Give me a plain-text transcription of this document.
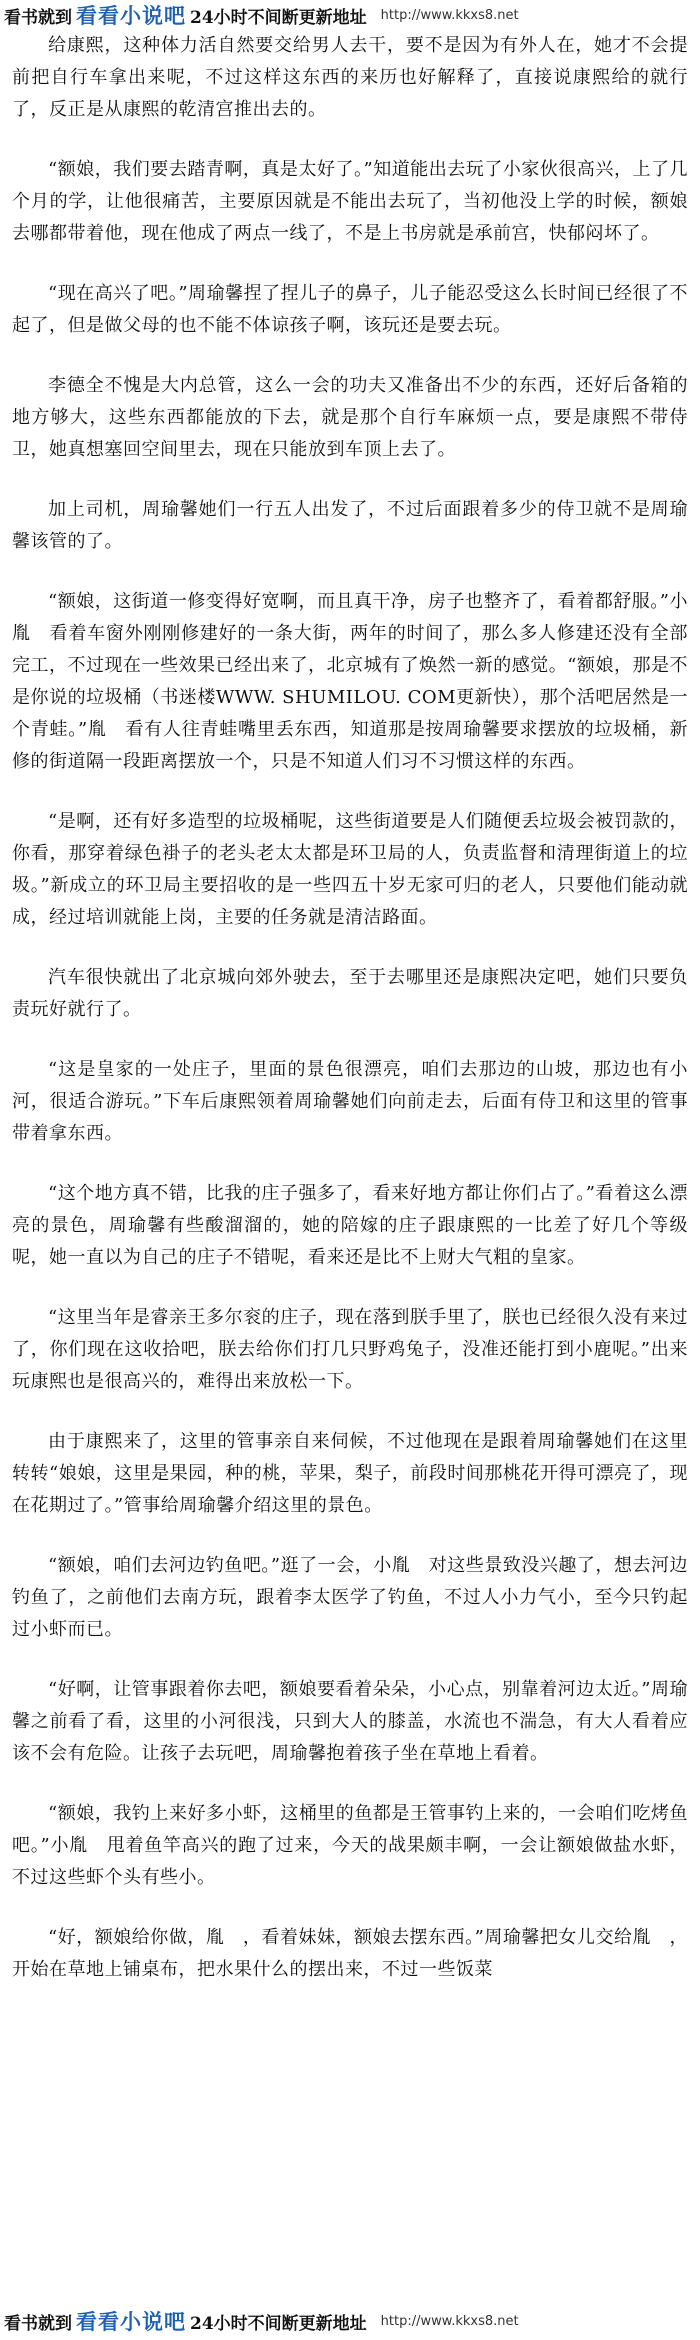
看书就到 看看小说吧 24小时不间断更新地址 http://www.kkxs8.net

给康熙，这种体力活自然要交给男人去干，要不是因为有外人在，她才不会提前把自行车拿出来呢，不过这样这东西的来历也好解释了，直接说康熙给的就行了，反正是从康熙的乾清宫推出去的。

“额娘，我们要去踏青啊，真是太好了。”知道能出去玩了小家伙很高兴，上了几个月的学，让他很痛苦，主要原因就是不能出去玩了，当初他没上学的时候，额娘去哪都带着他，现在他成了两点一线了，不是上书房就是承前宫，快郁闷坏了。

“现在高兴了吧。”周瑜馨捏了捏儿子的鼻子，儿子能忍受这么长时间已经很了不起了，但是做父母的也不能不体谅孩子啊，该玩还是要去玩。

李德全不愧是大内总管，这么一会的功夫又准备出不少的东西，还好后备箱的地方够大，这些东西都能放的下去，就是那个自行车麻烦一点，要是康熙不带侍卫，她真想塞回空间里去，现在只能放到车顶上去了。

加上司机，周瑜馨她们一行五人出发了，不过后面跟着多少的侍卫就不是周瑜馨该管的了。

“额娘，这街道一修变得好宽啊，而且真干净，房子也整齐了，看着都舒服。”小胤　看着车窗外刚刚修建好的一条大街，两年的时间了，那么多人修建还没有全部完工，不过现在一些效果已经出来了，北京城有了焕然一新的感觉。“额娘，那是不是你说的垃圾桶（书迷楼WWW. SHUMILOU. COM更新快），那个活吧居然是一个青蛙。”胤　看有人往青蛙嘴里丢东西，知道那是按周瑜馨要求摆放的垃圾桶，新修的街道隔一段距离摆放一个，只是不知道人们习不习惯这样的东西。

“是啊，还有好多造型的垃圾桶呢，这些街道要是人们随便丢垃圾会被罚款的，你看，那穿着绿色褂子的老头老太太都是环卫局的人，负责监督和清理街道上的垃圾。”新成立的环卫局主要招收的是一些四五十岁无家可归的老人，只要他们能动就成，经过培训就能上岗，主要的任务就是清洁路面。

汽车很快就出了北京城向郊外驶去，至于去哪里还是康熙决定吧，她们只要负责玩好就行了。

“这是皇家的一处庄子，里面的景色很漂亮，咱们去那边的山坡，那边也有小河，很适合游玩。”下车后康熙领着周瑜馨她们向前走去，后面有侍卫和这里的管事带着拿东西。

“这个地方真不错，比我的庄子强多了，看来好地方都让你们占了。”看着这么漂亮的景色，周瑜馨有些酸溜溜的，她的陪嫁的庄子跟康熙的一比差了好几个等级呢，她一直以为自己的庄子不错呢，看来还是比不上财大气粗的皇家。

“这里当年是睿亲王多尔衮的庄子，现在落到朕手里了，朕也已经很久没有来过了，你们现在这收拾吧，朕去给你们打几只野鸡兔子，没准还能打到小鹿呢。”出来玩康熙也是很高兴的，难得出来放松一下。

由于康熙来了，这里的管事亲自来伺候，不过他现在是跟着周瑜馨她们在这里转转“娘娘，这里是果园，种的桃，苹果，梨子，前段时间那桃花开得可漂亮了，现在花期过了。”管事给周瑜馨介绍这里的景色。

“额娘，咱们去河边钓鱼吧。”逛了一会，小胤　对这些景致没兴趣了，想去河边钓鱼了，之前他们去南方玩，跟着李太医学了钓鱼，不过人小力气小，至今只钓起过小虾而已。

“好啊，让管事跟着你去吧，额娘要看着朵朵，小心点，别靠着河边太近。”周瑜馨之前看了看，这里的小河很浅，只到大人的膝盖，水流也不湍急，有大人看着应该不会有危险。让孩子去玩吧，周瑜馨抱着孩子坐在草地上看着。

“额娘，我钓上来好多小虾，这桶里的鱼都是王管事钓上来的，一会咱们吃烤鱼吧。”小胤　甩着鱼竿高兴的跑了过来，今天的战果颇丰啊，一会让额娘做盐水虾，不过这些虾个头有些小。

“好，额娘给你做，胤　，看着妹妹，额娘去摆东西。”周瑜馨把女儿交给胤　，开始在草地上铺桌布，把水果什么的摆出来，不过一些饭菜

看书就到 看看小说吧 24小时不间断更新地址 http://www.kkxs8.net
